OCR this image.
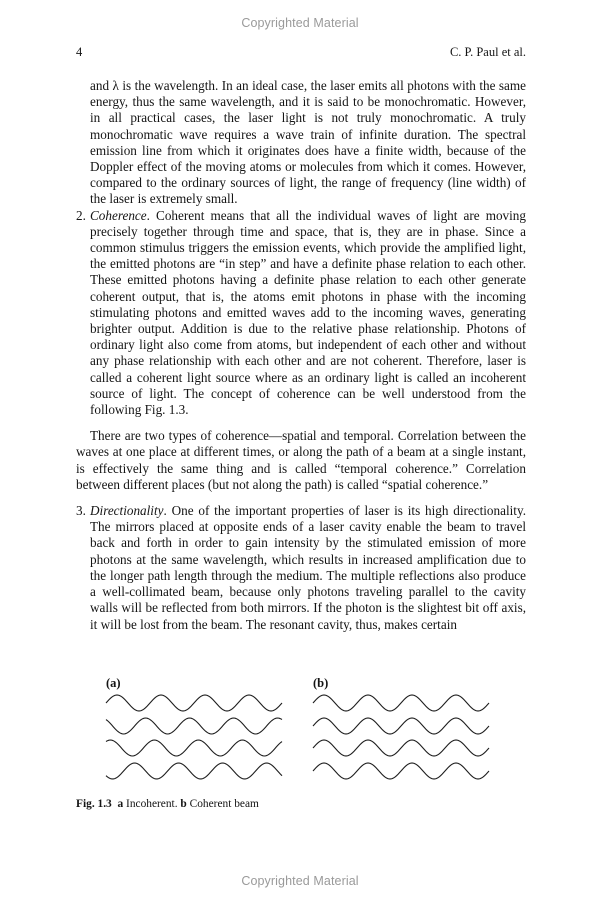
Copyrighted Material
4	C. P. Paul et al.

and λ is the wavelength. In an ideal case, the laser emits all photons with the same energy, thus the same wavelength, and it is said to be monochromatic. However, in all practical cases, the laser light is not truly monochromatic. A truly monochromatic wave requires a wave train of infinite duration. The spectral emission line from which it originates does have a finite width, because of the Doppler effect of the moving atoms or molecules from which it comes. However, compared to the ordinary sources of light, the range of frequency (line width) of the laser is extremely small.

2. Coherence. Coherent means that all the individual waves of light are moving precisely together through time and space, that is, they are in phase. Since a common stimulus triggers the emission events, which provide the amplified light, the emitted photons are “in step” and have a definite phase relation to each other. These emitted photons having a definite phase relation to each other generate coherent output, that is, the atoms emit photons in phase with the incoming stimulating photons and emitted waves add to the incoming waves, generating brighter output. Addition is due to the relative phase relationship. Photons of ordinary light also come from atoms, but independent of each other and without any phase relationship with each other and are not coherent. Therefore, laser is called a coherent light source where as an ordinary light is called an incoherent source of light. The concept of coherence can be well understood from the following Fig. 1.3.

There are two types of coherence—spatial and temporal. Correlation between the waves at one place at different times, or along the path of a beam at a single instant, is effectively the same thing and is called “temporal coherence.” Correlation between different places (but not along the path) is called “spatial coherence.”

3. Directionality. One of the important properties of laser is its high directionality. The mirrors placed at opposite ends of a laser cavity enable the beam to travel back and forth in order to gain intensity by the stimulated emission of more photons at the same wavelength, which results in increased amplification due to the longer path length through the medium. The multiple reflections also produce a well-collimated beam, because only photons traveling parallel to the cavity walls will be reflected from both mirrors. If the photon is the slightest bit off axis, it will be lost from the beam. The resonant cavity, thus, makes certain

(a)	(b)
Fig. 1.3 a Incoherent. b Coherent beam
Copyrighted Material
